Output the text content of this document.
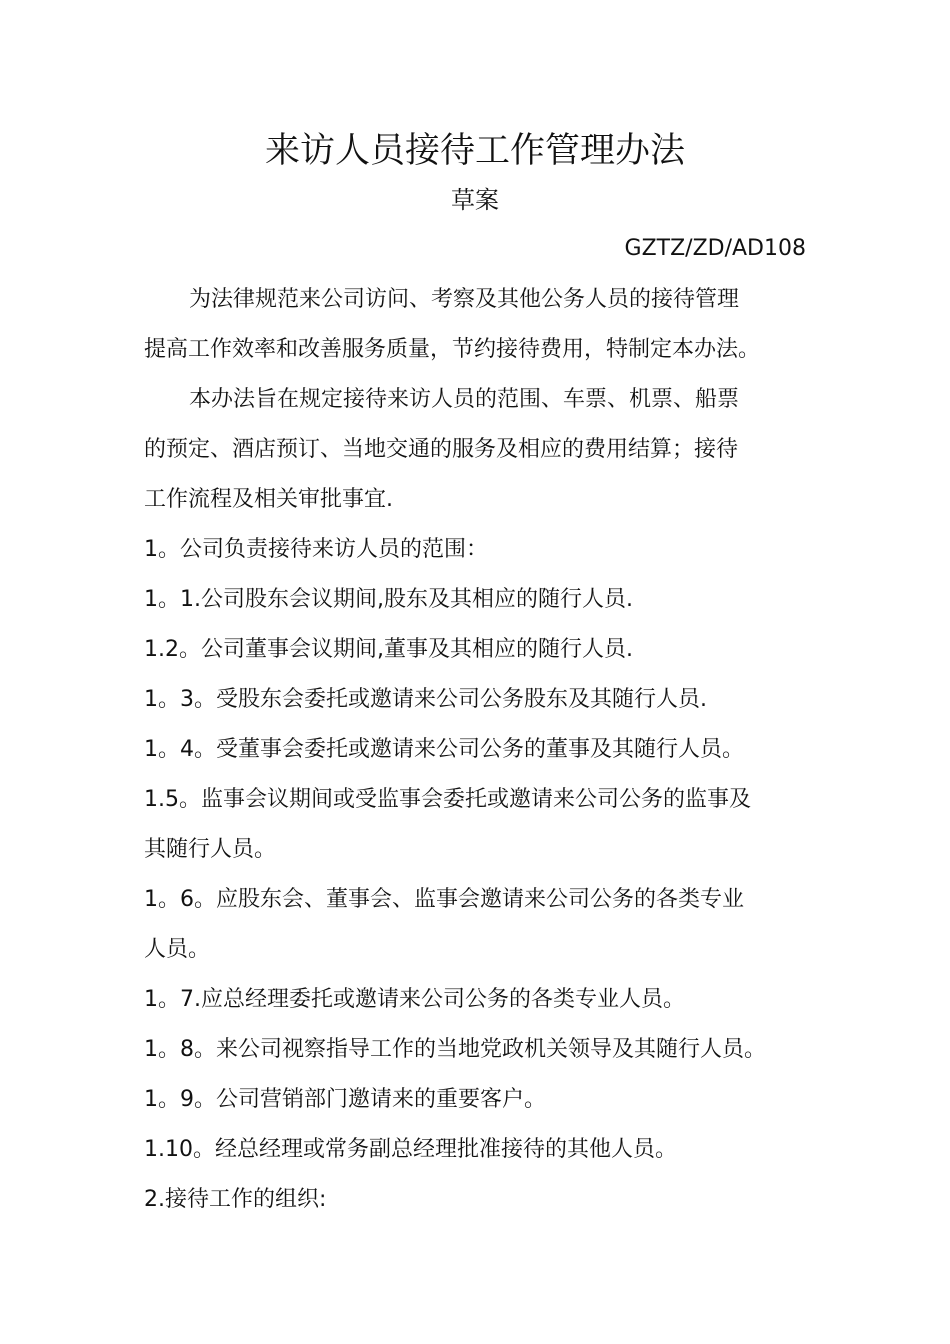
来访人员接待工作管理办法
草案
GZTZ/ZD/AD108

为法律规范来公司访问、考察及其他公务人员的接待管理

提高工作效率和改善服务质量，节约接待费用，特制定本办法。

本办法旨在规定接待来访人员的范围、车票、机票、船票

的预定、酒店预订、当地交通的服务及相应的费用结算；接待

工作流程及相关审批事宜.

1。公司负责接待来访人员的范围：

1。1.公司股东会议期间,股东及其相应的随行人员.

1.2。公司董事会议期间,董事及其相应的随行人员.

1。3。受股东会委托或邀请来公司公务股东及其随行人员.

1。4。受董事会委托或邀请来公司公务的董事及其随行人员。

1.5。监事会议期间或受监事会委托或邀请来公司公务的监事及

其随行人员。

1。6。应股东会、董事会、监事会邀请来公司公务的各类专业

人员。

1。7.应总经理委托或邀请来公司公务的各类专业人员。

1。8。来公司视察指导工作的当地党政机关领导及其随行人员。

1。9。公司营销部门邀请来的重要客户。

1.10。经总经理或常务副总经理批准接待的其他人员。

2.接待工作的组织:
